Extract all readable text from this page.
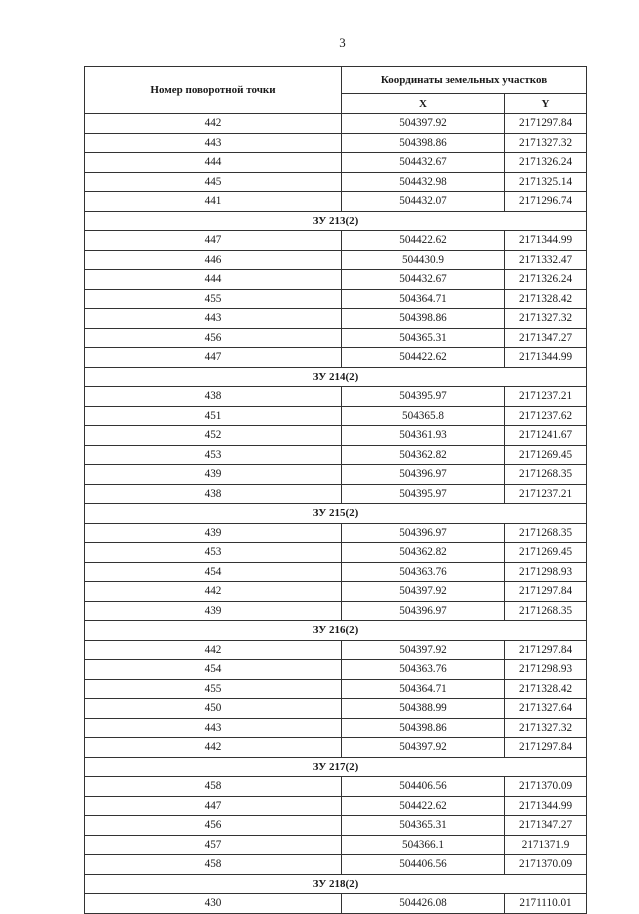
3
Номер поворотной точки	Координаты земельных участков	
	X	Y
442	504397.92	2171297.84
443	504398.86	2171327.32
444	504432.67	2171326.24
445	504432.98	2171325.14
441	504432.07	2171296.74
ЗУ 213(2)		
447	504422.62	2171344.99
446	504430.9	2171332.47
444	504432.67	2171326.24
455	504364.71	2171328.42
443	504398.86	2171327.32
456	504365.31	2171347.27
447	504422.62	2171344.99
ЗУ 214(2)		
438	504395.97	2171237.21
451	504365.8	2171237.62
452	504361.93	2171241.67
453	504362.82	2171269.45
439	504396.97	2171268.35
438	504395.97	2171237.21
ЗУ 215(2)		
439	504396.97	2171268.35
453	504362.82	2171269.45
454	504363.76	2171298.93
442	504397.92	2171297.84
439	504396.97	2171268.35
ЗУ 216(2)		
442	504397.92	2171297.84
454	504363.76	2171298.93
455	504364.71	2171328.42
450	504388.99	2171327.64
443	504398.86	2171327.32
442	504397.92	2171297.84
ЗУ 217(2)		
458	504406.56	2171370.09
447	504422.62	2171344.99
456	504365.31	2171347.27
457	504366.1	2171371.9
458	504406.56	2171370.09
ЗУ 218(2)		
430	504426.08	2171110.01
